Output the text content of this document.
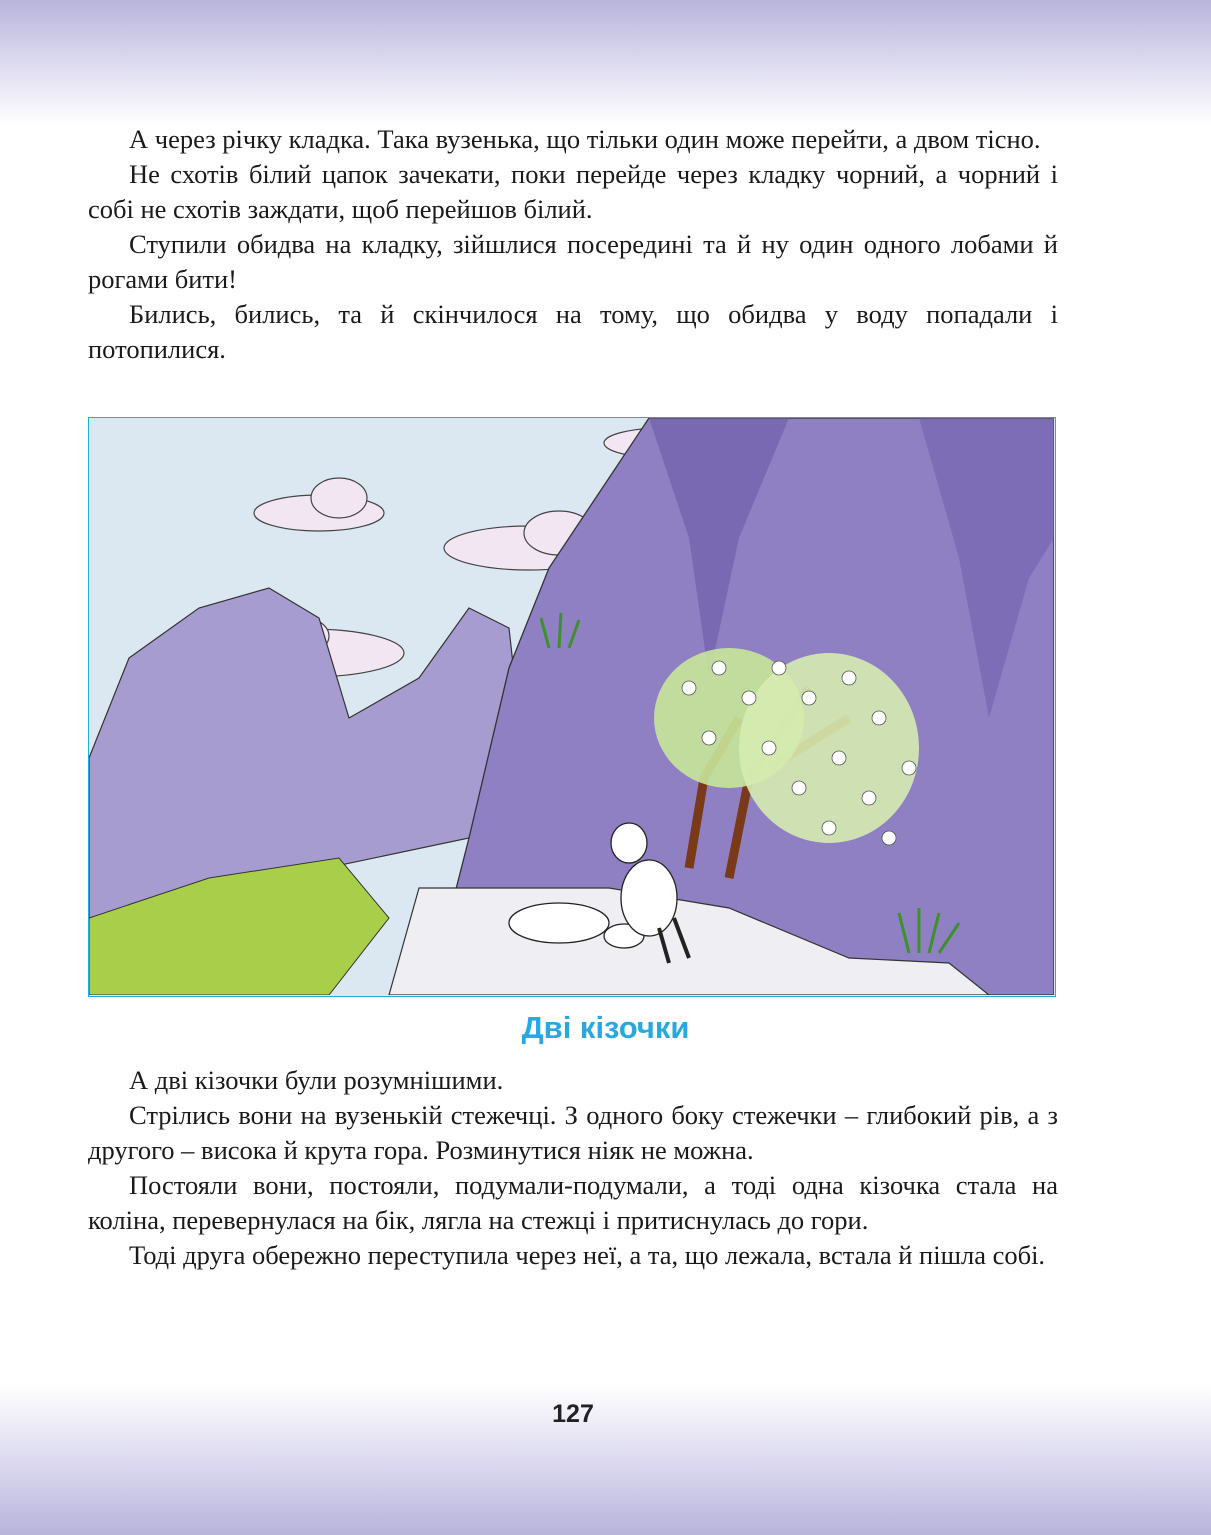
А через річку кладка. Така вузенька, що тільки один може перейти, а двом тісно.

Не схотів білий цапок зачекати, поки перейде через кладку чорний, а чорний і собі не схотів заждати, щоб перейшов білий.

Ступили обидва на кладку, зійшлися посередині та й ну один одного лобами й рогами бити!

Бились, бились, та й скінчилося на тому, що обидва у воду попадали і потопилися.

Дві кізочки

А дві кізочки були розумнішими.

Стрілись вони на вузенькій стежечці. З одного боку стежечки – глибокий рів, а з другого – висока й крута гора. Розминутися ніяк не можна.

Постояли вони, постояли, подумали-подумали, а тоді одна кізочка стала на коліна, перевернулася на бік, лягла на стежці і притиснулась до гори.

Тоді друга обережно переступила через неї, а та, що лежала, встала й пішла собі.

127
